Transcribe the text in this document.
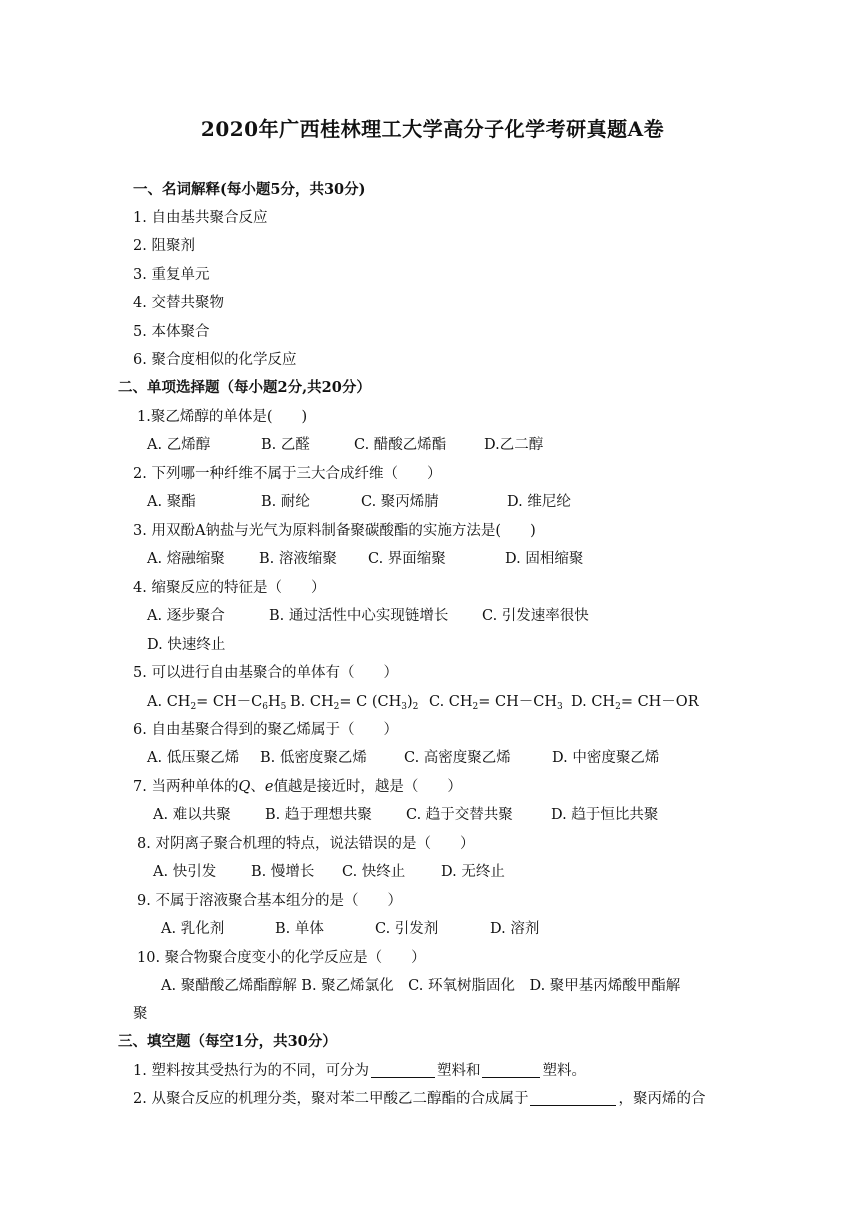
2020年广西桂林理工大学高分子化学考研真题A卷
一、名词解释(每小题5分，共30分)
1. 自由基共聚合反应
2. 阻聚剂
3. 重复单元
4. 交替共聚物
5. 本体聚合
6. 聚合度相似的化学反应
二、单项选择题（每小题2分,共20分）
1.聚乙烯醇的单体是(　　)
A. 乙烯醇	B. 乙醛	C. 醋酸乙烯酯	D.乙二醇
2. 下列哪一种纤维不属于三大合成纤维（　　）
A. 聚酯	B. 耐纶	C. 聚丙烯腈	D. 维尼纶
3. 用双酚A钠盐与光气为原料制备聚碳酸酯的实施方法是(　　)
A. 熔融缩聚 B. 溶液缩聚 C. 界面缩聚	D. 固相缩聚
4. 缩聚反应的特征是（　　）
A. 逐步聚合	B. 通过活性中心实现链增长 C. 引发速率很快
D. 快速终止
5. 可以进行自由基聚合的单体有（　　）
A. $CH_2= CH-C_6H_5$ B. $CH_2= C$ $(CH_3)_2$ C. $CH_2= CH-CH_3$ D. $CH_2= CH-OR$
6. 自由基聚合得到的聚乙烯属于（　　）
A. 低压聚乙烯 B. 低密度聚乙烯	C. 高密度聚乙烯	D. 中密度聚乙烯
7. 当两种单体的Q、e值越是接近时，越是（　　）
A. 难以共聚 B. 趋于理想共聚 C. 趋于交替共聚	D. 趋于恒比共聚
8. 对阴离子聚合机理的特点，说法错误的是（　　）
A. 快引发 B. 慢增长 C. 快终止 D. 无终止
9. 不属于溶液聚合基本组分的是（　　）
A. 乳化剂	B. 单体	C. 引发剂	D. 溶剂
10. 聚合物聚合度变小的化学反应是（　　）
A. 聚醋酸乙烯酯醇解 B. 聚乙烯氯化　C. 环氧树脂固化　D. 聚甲基丙烯酸甲酯解
聚
三、填空题（每空1分，共30分）
1. 塑料按其受热行为的不同，可分为	塑料和	塑料。
2. 从聚合反应的机理分类，聚对苯二甲酸乙二醇酯的合成属于	，聚丙烯的合
